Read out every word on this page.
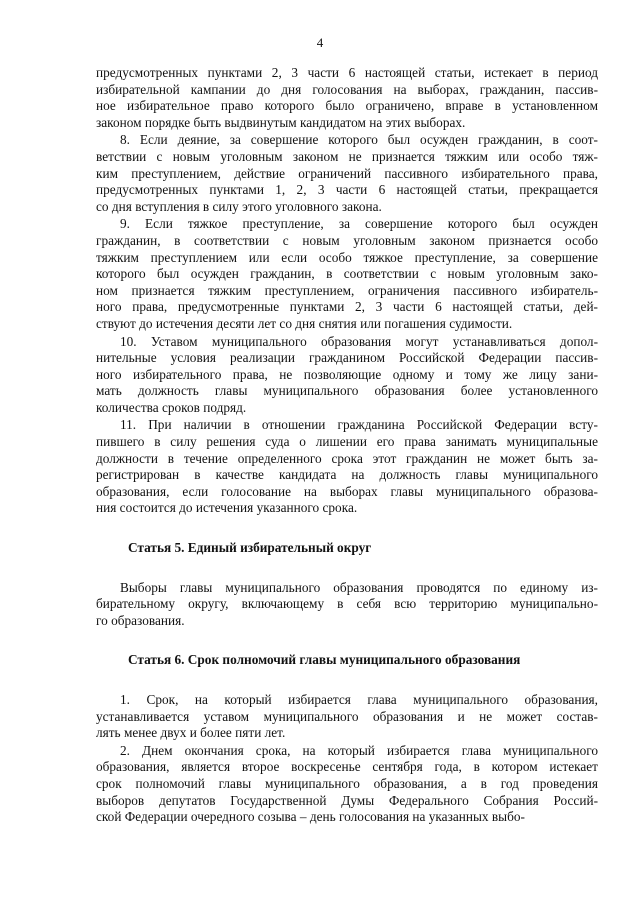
4
предусмотренных пунктами 2, 3 части 6 настоящей статьи, истекает в период
избирательной кампании до дня голосования на выборах, гражданин, пассив-
ное избирательное право которого было ограничено, вправе в установленном
законом порядке быть выдвинутым кандидатом на этих выборах.
8. Если деяние, за совершение которого был осужден гражданин, в соот-
ветствии с новым уголовным законом не признается тяжким или особо тяж-
ким преступлением, действие ограничений пассивного избирательного права,
предусмотренных пунктами 1, 2, 3 части 6 настоящей статьи, прекращается
со дня вступления в силу этого уголовного закона.
9. Если тяжкое преступление, за совершение которого был осужден
гражданин, в соответствии с новым уголовным законом признается особо
тяжким преступлением или если особо тяжкое преступление, за совершение
которого был осужден гражданин, в соответствии с новым уголовным зако-
ном признается тяжким преступлением, ограничения пассивного избиратель-
ного права, предусмотренные пунктами 2, 3 части 6 настоящей статьи, дей-
ствуют до истечения десяти лет со дня снятия или погашения судимости.
10. Уставом муниципального образования могут устанавливаться допол-
нительные условия реализации гражданином Российской Федерации пассив-
ного избирательного права, не позволяющие одному и тому же лицу зани-
мать должность главы муниципального образования более установленного
количества сроков подряд.
11. При наличии в отношении гражданина Российской Федерации всту-
пившего в силу решения суда о лишении его права занимать муниципальные
должности в течение определенного срока этот гражданин не может быть за-
регистрирован в качестве кандидата на должность главы муниципального
образования, если голосование на выборах главы муниципального образова-
ния состоится до истечения указанного срока.
Статья 5. Единый избирательный округ
Выборы главы муниципального образования проводятся по единому из-
бирательному округу, включающему в себя всю территорию муниципально-
го образования.
Статья 6. Срок полномочий главы муниципального образования
1. Срок, на который избирается глава муниципального образования,
устанавливается уставом муниципального образования и не может состав-
лять менее двух и более пяти лет.
2. Днем окончания срока, на который избирается глава муниципального
образования, является второе воскресенье сентября года, в котором истекает
срок полномочий главы муниципального образования, а в год проведения
выборов депутатов Государственной Думы Федерального Собрания Россий-
ской Федерации очередного созыва – день голосования на указанных выбо-
